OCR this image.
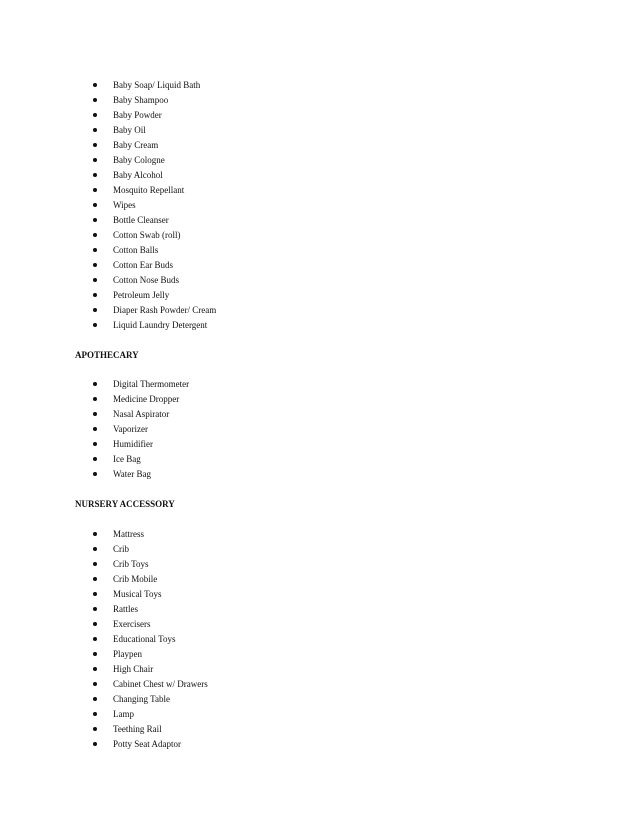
Baby Soap/ Liquid Bath
Baby Shampoo
Baby Powder
Baby Oil
Baby Cream
Baby Cologne
Baby Alcohol
Mosquito Repellant
Wipes
Bottle Cleanser
Cotton Swab (roll)
Cotton Balls
Cotton Ear Buds
Cotton Nose Buds
Petroleum Jelly
Diaper Rash Powder/ Cream
Liquid Laundry Detergent
APOTHECARY
Digital Thermometer
Medicine Dropper
Nasal Aspirator
Vaporizer
Humidifier
Ice Bag
Water Bag
NURSERY ACCESSORY
Mattress
Crib
Crib Toys
Crib Mobile
Musical Toys
Rattles
Exercisers
Educational Toys
Playpen
High Chair
Cabinet Chest w/ Drawers
Changing Table
Lamp
Teething Rail
Potty Seat Adaptor
